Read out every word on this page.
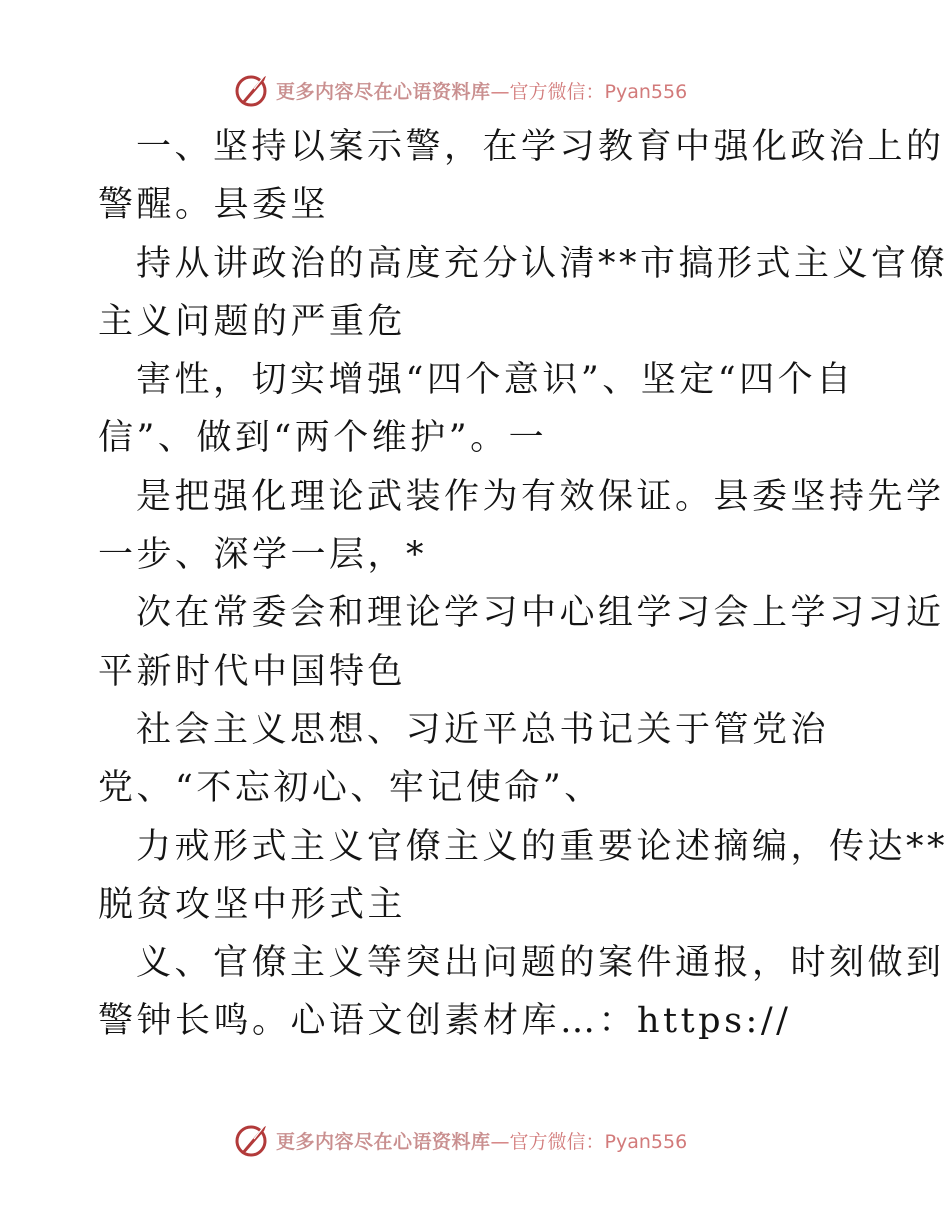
更多内容尽在心语资料库 —官方微信：Pyan556
一、坚持以案示警，在学习教育中强化政治上的
警醒。县委坚
持从讲政治的高度充分认清**市搞形式主义官僚
主义问题的严重危
害性，切实增强“四个意识”、坚定“四个自
信”、做到“两个维护”。一
是把强化理论武装作为有效保证。县委坚持先学
一步、深学一层，*
次在常委会和理论学习中心组学习会上学习习近
平新时代中国特色
社会主义思想、习近平总书记关于管党治
党、“不忘初心、牢记使命”、
力戒形式主义官僚主义的重要论述摘编，传达**
脱贫攻坚中形式主
义、官僚主义等突出问题的案件通报，时刻做到
警钟长鸣。心语文创素材库…：https://
更多内容尽在心语资料库 —官方微信：Pyan556
